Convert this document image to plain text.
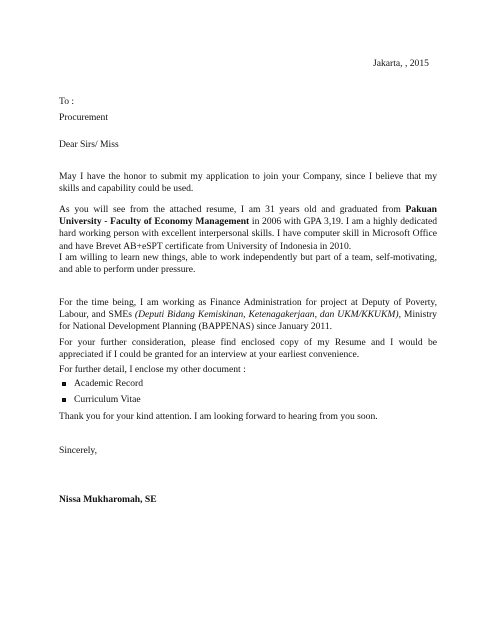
Jakarta, , 2015
To :
Procurement
Dear Sirs/ Miss
May I have the honor to submit my application to join your Company, since I believe that my skills and capability could be used.
As you will see from the attached resume, I am 31 years old and graduated from Pakuan University - Faculty of Economy Management in 2006 with GPA 3,19. I am a highly dedicated hard working person with excellent interpersonal skills. I have computer skill in Microsoft Office and have Brevet AB+eSPT certificate from University of Indonesia in 2010.
I am willing to learn new things, able to work independently but part of a team, self-motivating, and able to perform under pressure.
For the time being, I am working as Finance Administration for project at Deputy of Poverty, Labour, and SMEs (Deputi Bidang Kemiskinan, Ketenagakerjaan, dan UKM/KKUKM), Ministry for National Development Planning (BAPPENAS) since January 2011.
For your further consideration, please find enclosed copy of my Resume and I would be appreciated if I could be granted for an interview at your earliest convenience.
For further detail, I enclose my other document :
Academic Record
Curriculum Vitae
Thank you for your kind attention. I am looking forward to hearing from you soon.
Sincerely,
Nissa Mukharomah, SE
